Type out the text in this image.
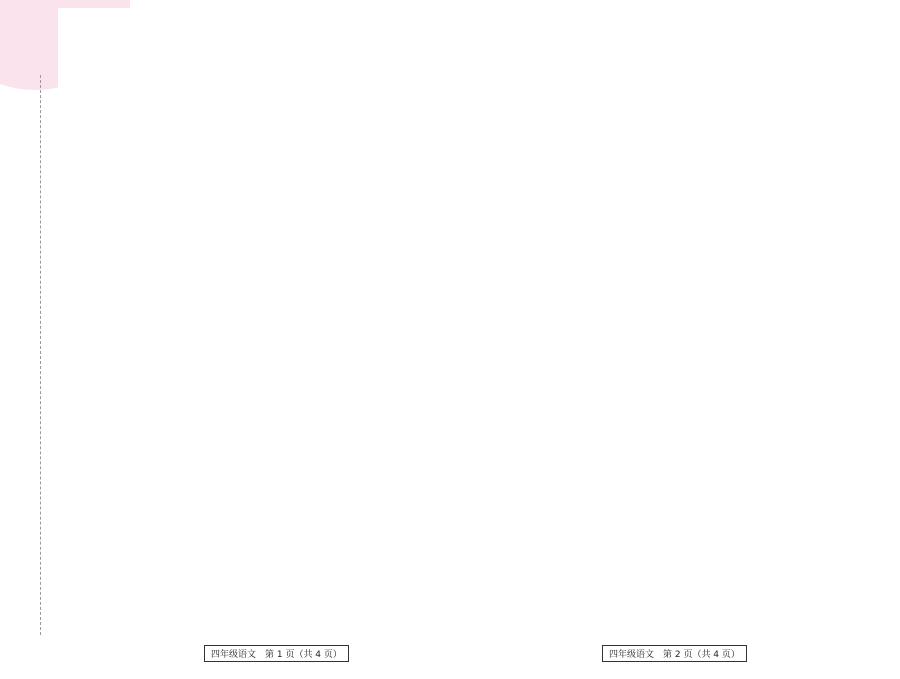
四年级语文　第 1 页（共 4 页）	四年级语文　第 2 页（共 4 页）
